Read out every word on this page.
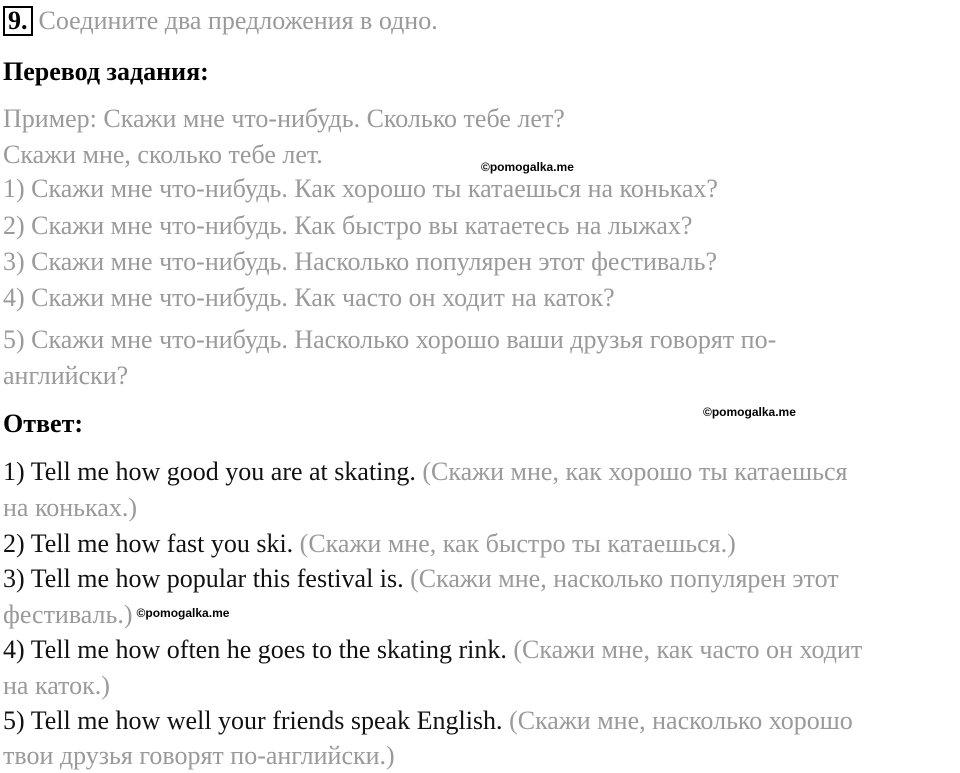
9. Соедините два предложения в одно.
Перевод задания:
Пример: Скажи мне что-нибудь. Сколько тебе лет?
Скажи мне, сколько тебе лет.	©pomogalka.me
1) Скажи мне что-нибудь. Как хорошо ты катаешься на коньках?
2) Скажи мне что-нибудь. Как быстро вы катаетесь на лыжах?
3) Скажи мне что-нибудь. Насколько популярен этот фестиваль?
4) Скажи мне что-нибудь. Как часто он ходит на каток?
5) Скажи мне что-нибудь. Насколько хорошо ваши друзья говорят по-
английски?
Ответ:	©pomogalka.me
1) Tell me how good you are at skating. (Скажи мне, как хорошо ты катаешься
на коньках.)
2) Tell me how fast you ski. (Скажи мне, как быстро ты катаешься.)
3) Tell me how popular this festival is. (Скажи мне, насколько популярен этот
фестиваль.) $^{©pomogalka.me}$
4) Tell me how often he goes to the skating rink. (Скажи мне, как часто он ходит
на каток.)
5) Tell me how well your friends speak English. (Скажи мне, насколько хорошо
твои друзья говорят по-английски.)
